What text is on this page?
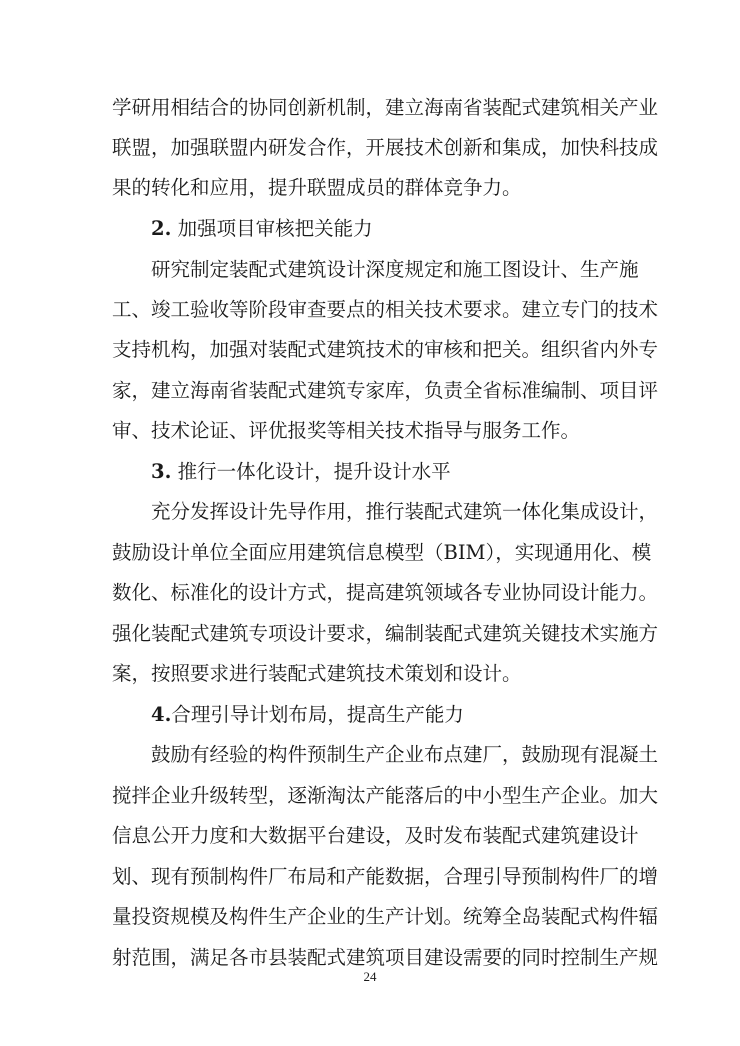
学研用相结合的协同创新机制，建立海南省装配式建筑相关产业
联盟，加强联盟内研发合作，开展技术创新和集成，加快科技成
果的转化和应用，提升联盟成员的群体竞争力。
2. 加强项目审核把关能力
研究制定装配式建筑设计深度规定和施工图设计、生产施
工、竣工验收等阶段审查要点的相关技术要求。建立专门的技术
支持机构，加强对装配式建筑技术的审核和把关。组织省内外专
家，建立海南省装配式建筑专家库，负责全省标准编制、项目评
审、技术论证、评优报奖等相关技术指导与服务工作。
3. 推行一体化设计，提升设计水平
充分发挥设计先导作用，推行装配式建筑一体化集成设计，
鼓励设计单位全面应用建筑信息模型（BIM），实现通用化、模
数化、标准化的设计方式，提高建筑领域各专业协同设计能力。
强化装配式建筑专项设计要求，编制装配式建筑关键技术实施方
案，按照要求进行装配式建筑技术策划和设计。
4.合理引导计划布局，提高生产能力
鼓励有经验的构件预制生产企业布点建厂，鼓励现有混凝土
搅拌企业升级转型，逐渐淘汰产能落后的中小型生产企业。加大
信息公开力度和大数据平台建设，及时发布装配式建筑建设计
划、现有预制构件厂布局和产能数据，合理引导预制构件厂的增
量投资规模及构件生产企业的生产计划。统筹全岛装配式构件辐
射范围，满足各市县装配式建筑项目建设需要的同时控制生产规
24
